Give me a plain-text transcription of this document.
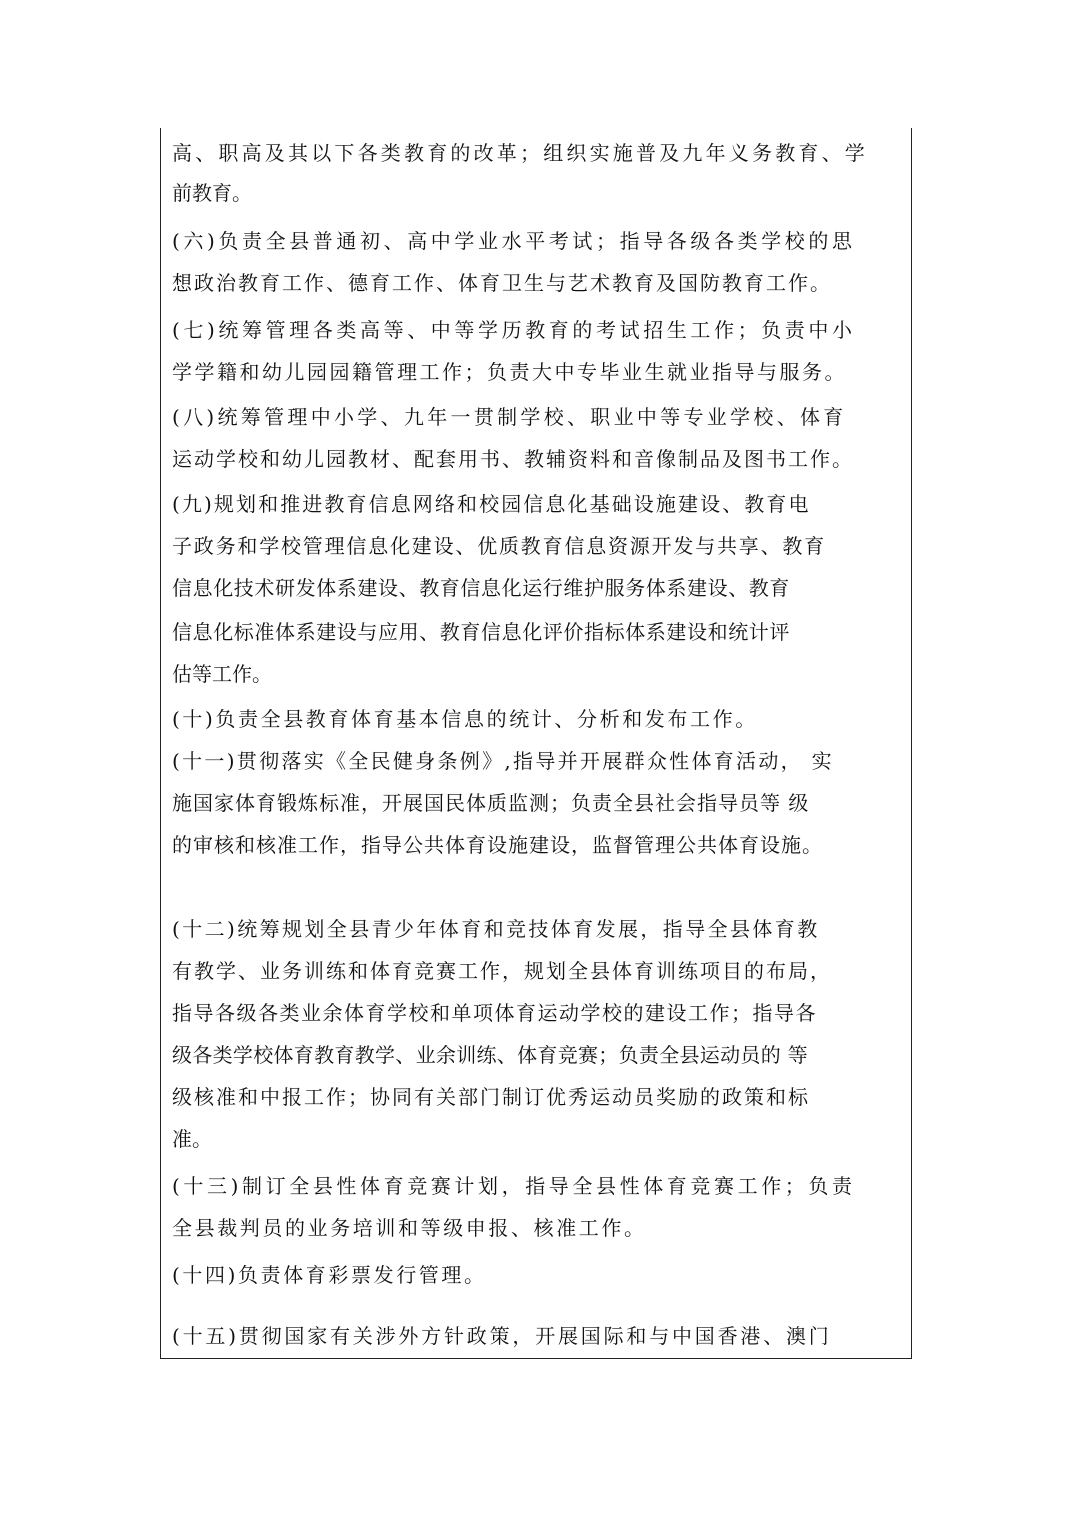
高、职高及其以下各类教育的改革；组织实施普及九年义务教育、学
前教育。
(六)负责全县普通初、高中学业水平考试；指导各级各类学校的思
想政治教育工作、德育工作、体育卫生与艺术教育及国防教育工作。
(七)统筹管理各类高等、中等学历教育的考试招生工作；负责中小
学学籍和幼儿园园籍管理工作；负责大中专毕业生就业指导与服务。
(八)统筹管理中小学、九年一贯制学校、职业中等专业学校、体育
运动学校和幼儿园教材、配套用书、教辅资料和音像制品及图书工作。
(九)规划和推进教育信息网络和校园信息化基础设施建设、教育电
子政务和学校管理信息化建设、优质教育信息资源开发与共享、教育
信息化技术研发体系建设、教育信息化运行维护服务体系建设、教育
信息化标准体系建设与应用、教育信息化评价指标体系建设和统计评
估等工作。
(十)负责全县教育体育基本信息的统计、分析和发布工作。
(十一)贯彻落实《全民健身条例》,指导并开展群众性体育活动， 实
施国家体育锻炼标准，开展国民体质监测；负责全县社会指导员等 级
的审核和核准工作，指导公共体育设施建设，监督管理公共体育设施。
(十二)统筹规划全县青少年体育和竞技体育发展，指导全县体育教
有教学、业务训练和体育竞赛工作，规划全县体育训练项目的布局，
指导各级各类业余体育学校和单项体育运动学校的建设工作；指导各
级各类学校体育教育教学、业余训练、体育竞赛；负责全县运动员的 等
级核准和中报工作；协同有关部门制订优秀运动员奖励的政策和标
准。
(十三)制订全县性体育竞赛计划，指导全县性体育竞赛工作；负责
全县裁判员的业务培训和等级申报、核准工作。
(十四)负责体育彩票发行管理。
(十五)贯彻国家有关涉外方针政策，开展国际和与中国香港、澳门
